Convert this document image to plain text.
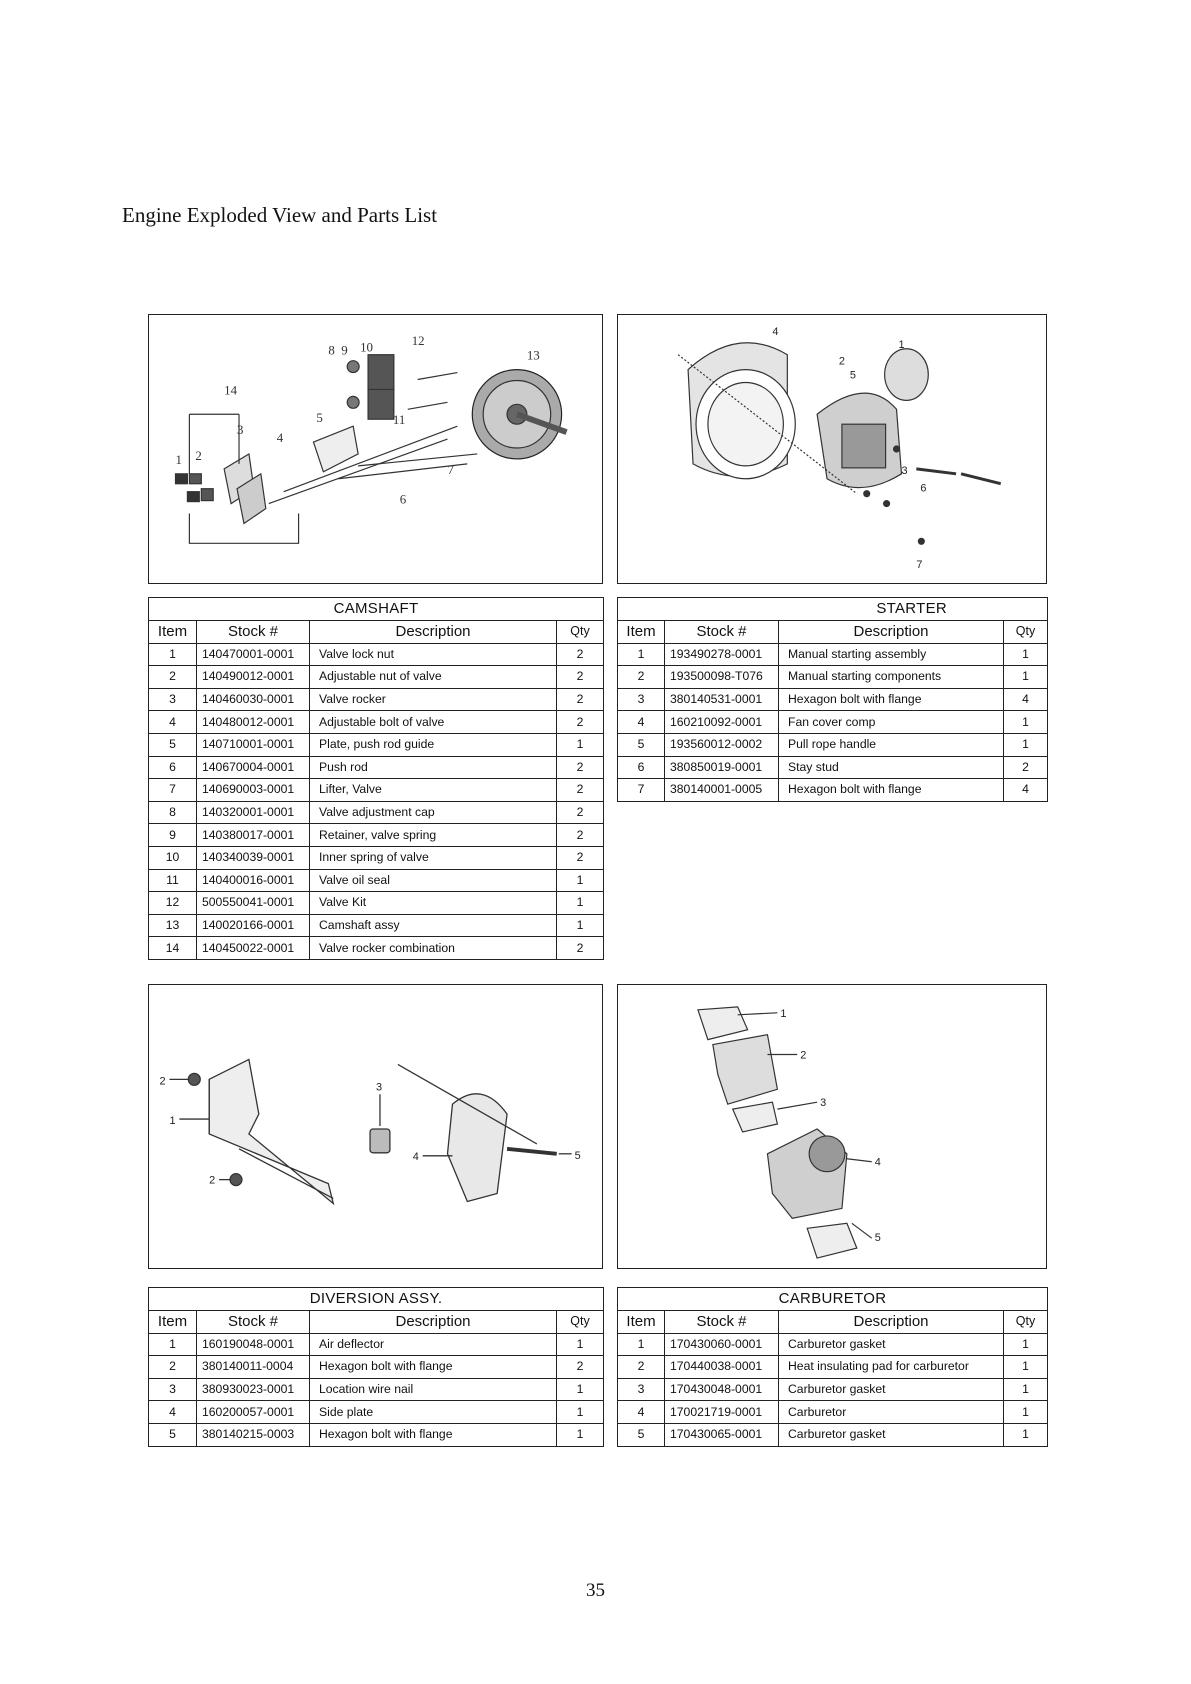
Engine Exploded View and Parts List
14
1 2
3
4
5
6
7
8 9 10
11
12
13
1
2
3
4
5
6
7
CAMSHAFT			
Item	Stock #	Description	Qty
1	140470001-0001	Valve lock nut	2
2	140490012-0001	Adjustable nut of valve	2
3	140460030-0001	Valve rocker	2
4	140480012-0001	Adjustable bolt of valve	2
5	140710001-0001	Plate, push rod guide	1
6	140670004-0001	Push rod	2
7	140690003-0001	Lifter, Valve	2
8	140320001-0001	Valve adjustment cap	2
9	140380017-0001	Retainer, valve spring	2
10	140340039-0001	Inner spring of valve	2
11	140400016-0001	Valve oil seal	1
12	500550041-0001	Valve Kit	1
13	140020166-0001	Camshaft assy	1
14	140450022-0001	Valve rocker combination	2
STARTER			
Item	Stock #	Description	Qty
1	193490278-0001	Manual starting assembly	1
2	193500098-T076	Manual starting components	1
3	380140531-0001	Hexagon bolt with flange	4
4	160210092-0001	Fan cover comp	1
5	193560012-0002	Pull rope handle	1
6	380850019-0001	Stay stud	2
7	380140001-0005	Hexagon bolt with flange	4
2
1
2
3
4	5
1
2
3
4
5
DIVERSION ASSY.			
Item	Stock #	Description	Qty
1	160190048-0001	Air deflector	1
2	380140011-0004	Hexagon bolt with flange	2
3	380930023-0001	Location wire nail	1
4	160200057-0001	Side plate	1
5	380140215-0003	Hexagon bolt with flange	1
CARBURETOR			
Item	Stock #	Description	Qty
1	170430060-0001	Carburetor gasket	1
2	170440038-0001	Heat insulating pad for carburetor	1
3	170430048-0001	Carburetor gasket	1
4	170021719-0001	Carburetor	1
5	170430065-0001	Carburetor gasket	1
35
